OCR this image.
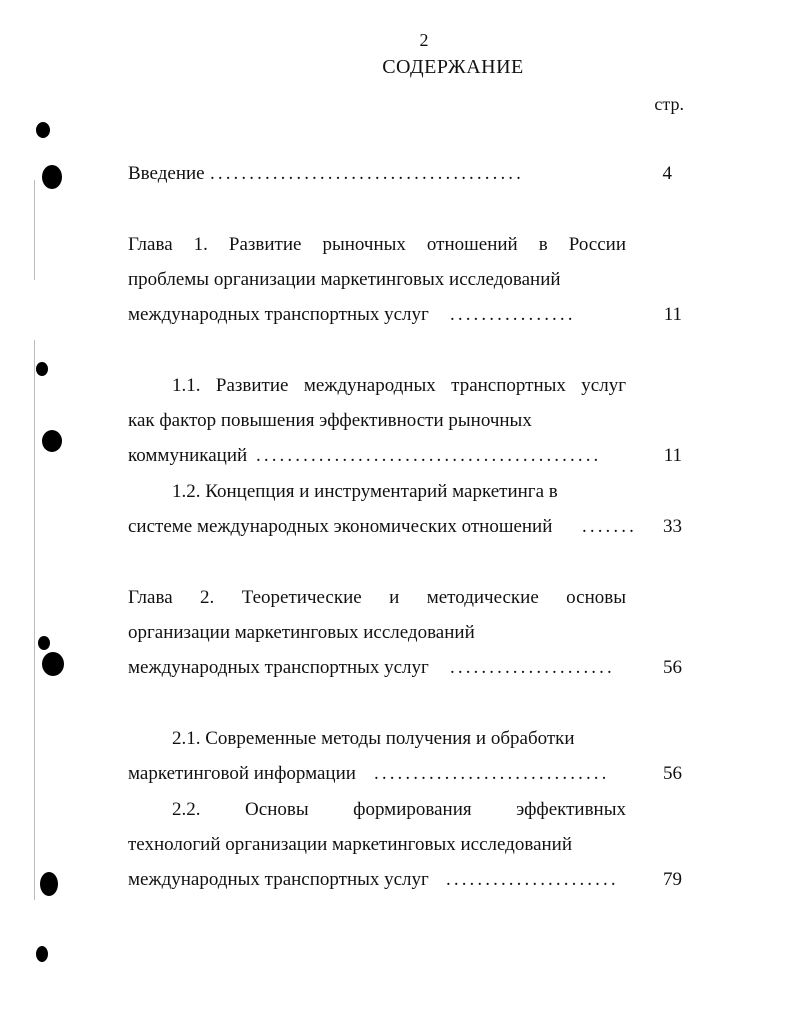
2
СОДЕРЖАНИЕ
стр.
Введение ........................................	4
Глава 1. Развитие рыночных отношений в России
проблемы организации маркетинговых исследований
международных транспортных услуг ................	11
1.1. Развитие международных транспортных услуг
как фактор повышения эффективности рыночных
коммуникаций ............................................	11
1.2. Концепция и инструментарий маркетинга в
системе международных экономических отношений .......	33
Глава 2. Теоретические и методические основы
организации маркетинговых исследований
международных транспортных услуг .....................	56
2.1. Современные методы получения и обработки
маркетинговой информации ..............................	56
2.2. Основы формирования эффективных
технологий организации маркетинговых исследований
международных транспортных услуг ......................	79
